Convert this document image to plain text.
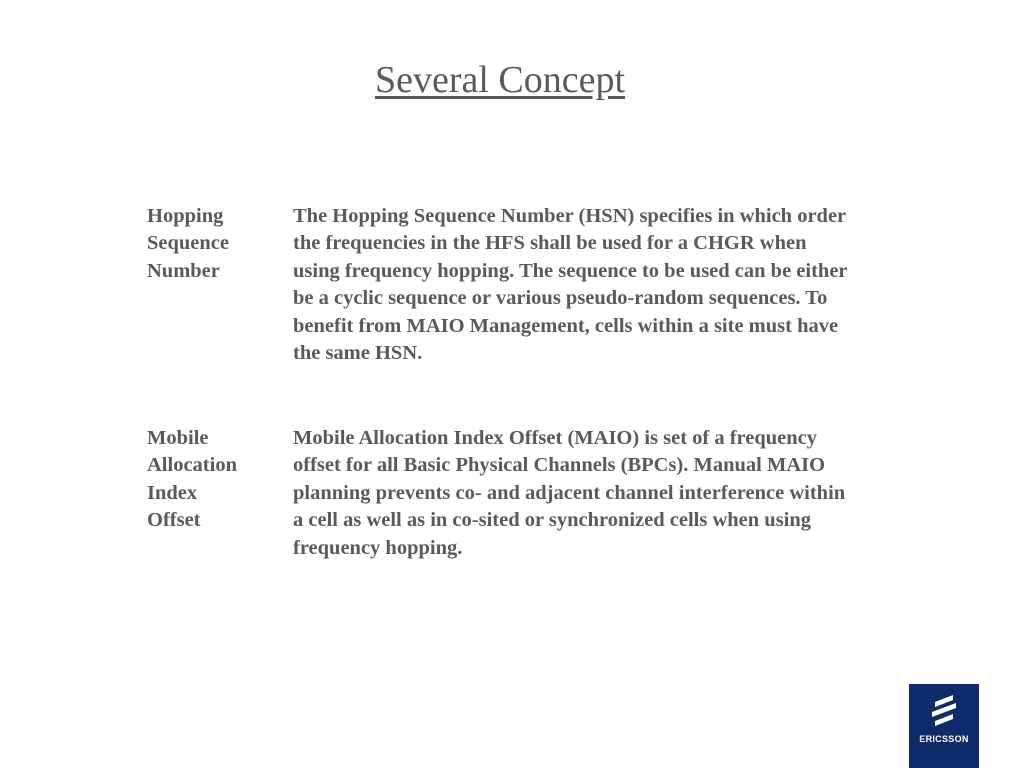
Several Concept
Hopping
Sequence
Number
The Hopping Sequence Number (HSN) specifies in which order
the frequencies in the HFS shall be used for a CHGR when
using frequency hopping. The sequence to be used can be either
be a cyclic sequence or various pseudo-random sequences. To
benefit from MAIO Management, cells within a site must have
the same HSN.
Mobile
Allocation
Index
Offset
Mobile Allocation Index Offset (MAIO) is set of a frequency
offset for all Basic Physical Channels (BPCs). Manual MAIO
planning prevents co- and adjacent channel interference within
a cell as well as in co-sited or synchronized cells when using
frequency hopping.
ERICSSON
